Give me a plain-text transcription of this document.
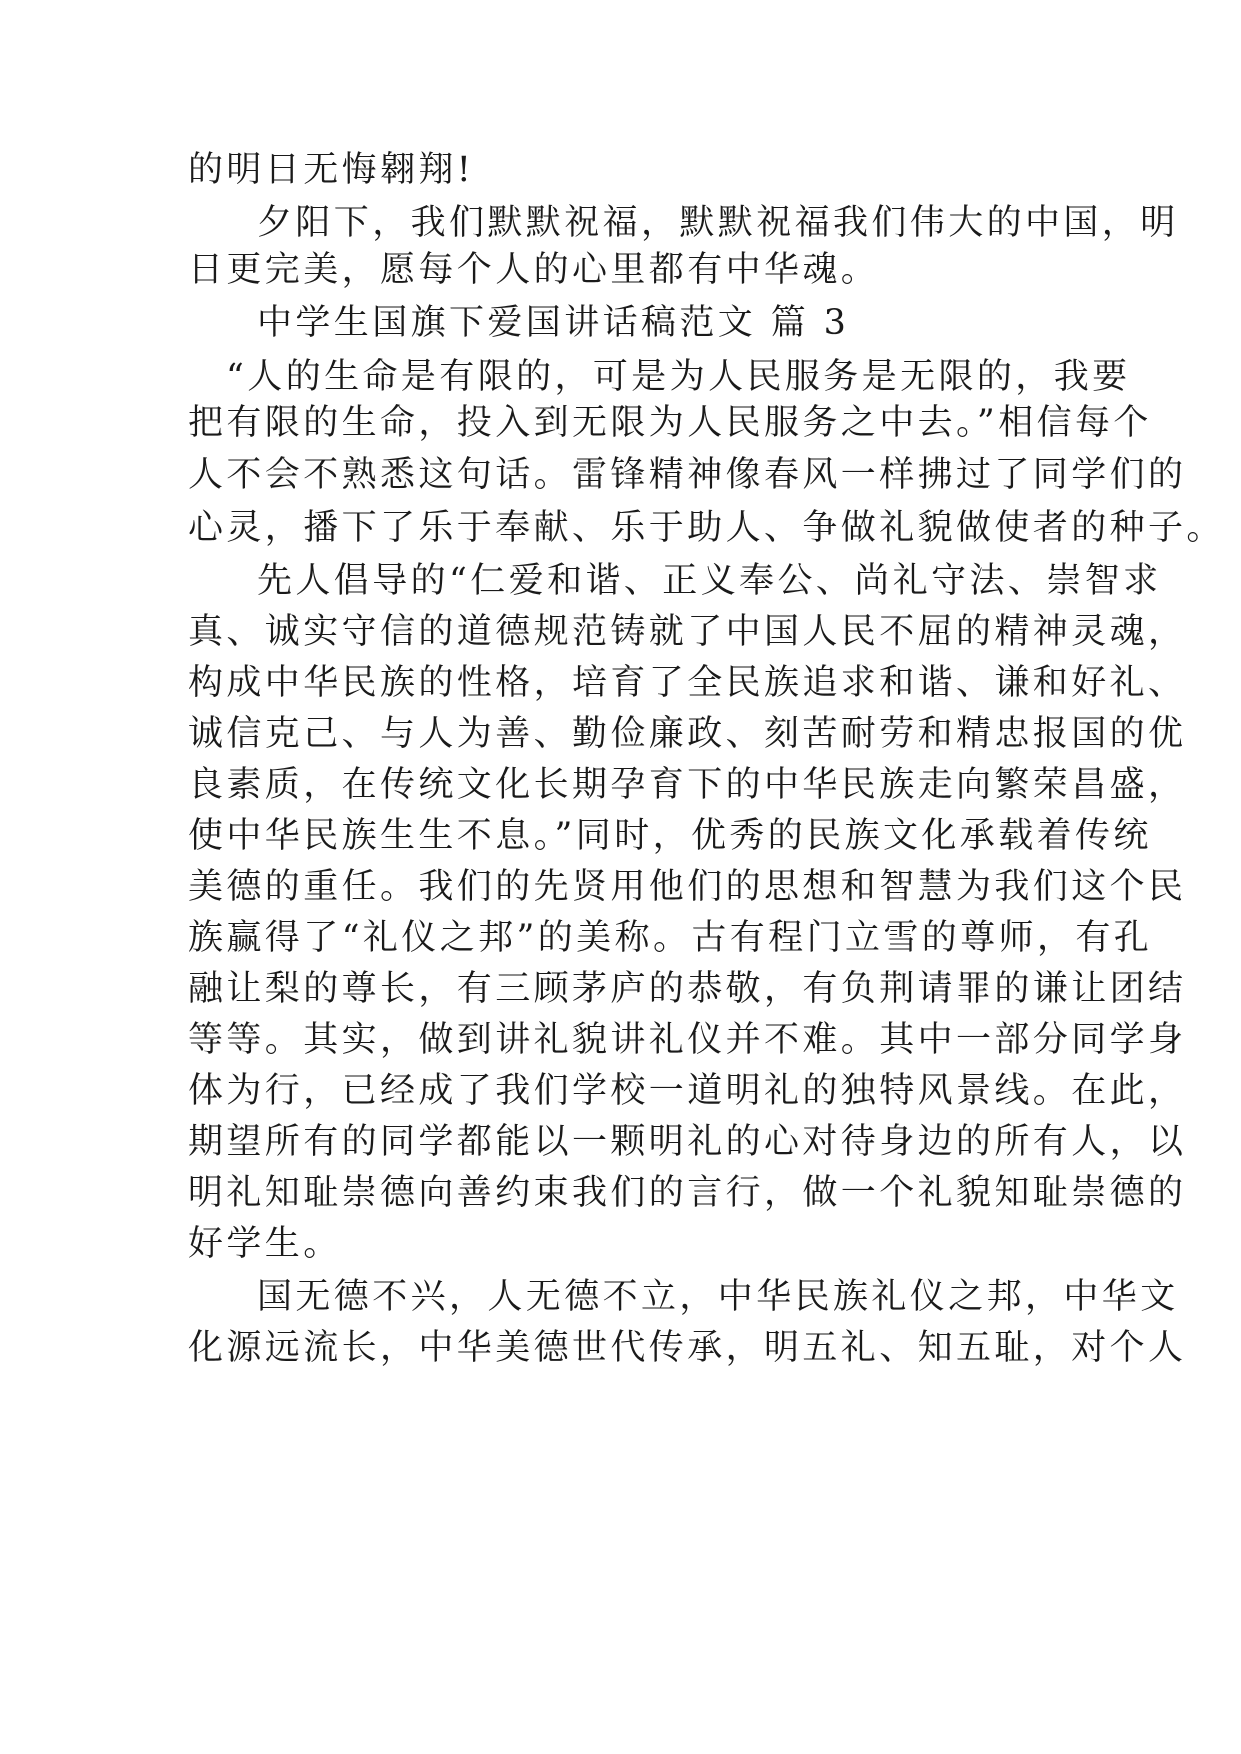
的明日无悔翱翔!
夕阳下，我们默默祝福，默默祝福我们伟大的中国，明
日更完美，愿每个人的心里都有中华魂。
中学生国旗下爱国讲话稿范文 篇 3
“人的生命是有限的，可是为人民服务是无限的，我要
把有限的生命，投入到无限为人民服务之中去。”相信每个
人不会不熟悉这句话。雷锋精神像春风一样拂过了同学们的
心灵，播下了乐于奉献、乐于助人、争做礼貌做使者的种子。
先人倡导的“仁爱和谐、正义奉公、尚礼守法、崇智求
真、诚实守信的道德规范铸就了中国人民不屈的精神灵魂，
构成中华民族的性格，培育了全民族追求和谐、谦和好礼、
诚信克己、与人为善、勤俭廉政、刻苦耐劳和精忠报国的优
良素质，在传统文化长期孕育下的中华民族走向繁荣昌盛，
使中华民族生生不息。”同时，优秀的民族文化承载着传统
美德的重任。我们的先贤用他们的思想和智慧为我们这个民
族赢得了“礼仪之邦”的美称。古有程门立雪的尊师，有孔
融让梨的尊长，有三顾茅庐的恭敬，有负荆请罪的谦让团结
等等。其实，做到讲礼貌讲礼仪并不难。其中一部分同学身
体为行，已经成了我们学校一道明礼的独特风景线。在此，
期望所有的同学都能以一颗明礼的心对待身边的所有人，以
明礼知耻崇德向善约束我们的言行，做一个礼貌知耻崇德的
好学生。
国无德不兴，人无德不立，中华民族礼仪之邦，中华文
化源远流长，中华美德世代传承，明五礼、知五耻，对个人
